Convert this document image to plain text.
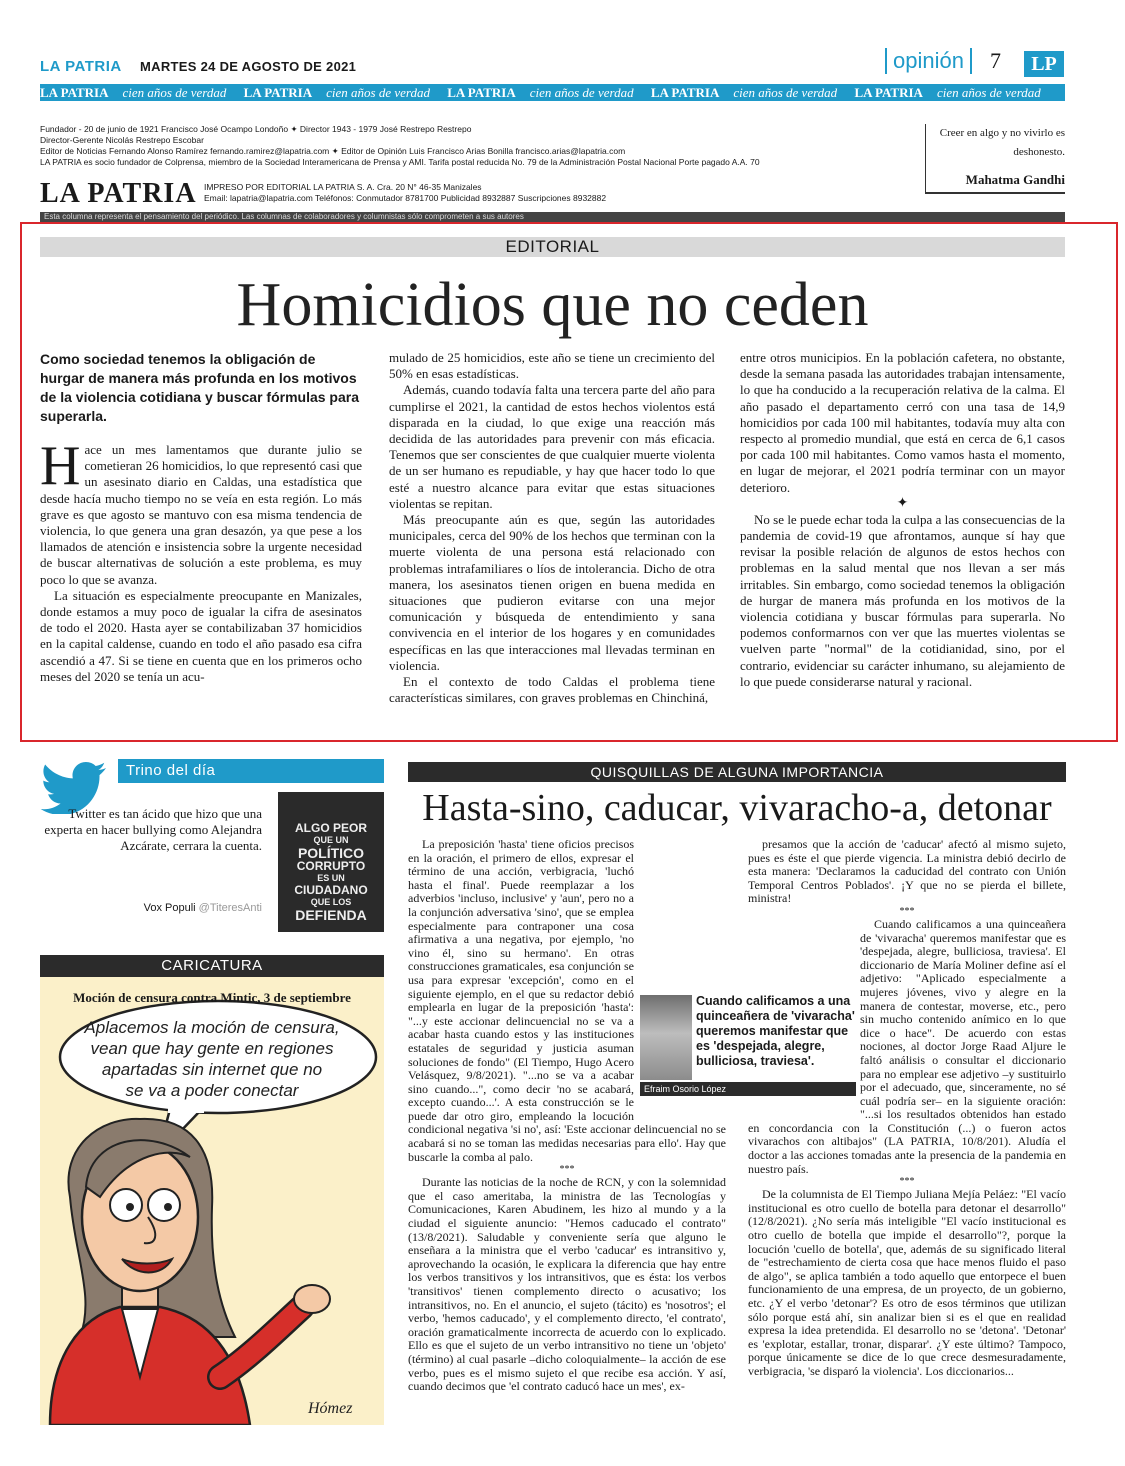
LA PATRIA MARTES 24 DE AGOSTO DE 2021	opinión	7	LP
LA PATRIA cien años de verdad LA PATRIA cien años de verdad LA PATRIA cien años de verdad LA PATRIA cien años de verdad LA PATRIA cien años de verdad
Fundador - 20 de junio de 1921 Francisco José Ocampo Londoño ✦ Director 1943 - 1979 José Restrepo Restrepo
Director-Gerente Nicolás Restrepo Escobar
Editor de Noticias Fernando Alonso Ramírez fernando.ramirez@lapatria.com ✦ Editor de Opinión Luis Francisco Arias Bonilla francisco.arias@lapatria.com
LA PATRIA es socio fundador de Colprensa, miembro de la Sociedad Interamericana de Prensa y AMI. Tarifa postal reducida No. 79 de la Administración Postal Nacional Porte pagado A.A. 70
LA PATRIA IMPRESO POR EDITORIAL LA PATRIA S. A. Cra. 20 N° 46-35 Manizales
Email: lapatria@lapatria.com Teléfonos: Conmutador 8781700 Publicidad 8932887 Suscripciones 8932882
Creer en algo y no vivirlo es deshonesto.
Mahatma Gandhi
Esta columna representa el pensamiento del periódico. Las columnas de colaboradores y columnistas sólo comprometen a sus autores
EDITORIAL
Homicidios que no ceden
Como sociedad tenemos la obligación de hurgar de manera más profunda en los motivos de la violencia cotidiana y buscar fórmulas para superarla.

Hace un mes lamentamos que durante julio se cometieran 26 homicidios, lo que representó casi que un asesinato diario en Caldas, una estadística que desde hacía mucho tiempo no se veía en esta región. Lo más grave es que agosto se mantuvo con esa misma tendencia de violencia, lo que genera una gran desazón, ya que pese a los llamados de atención e insistencia sobre la urgente necesidad de buscar alternativas de solución a este problema, es muy poco lo que se avanza.

La situación es especialmente preocupante en Manizales, donde estamos a muy poco de igualar la cifra de asesinatos de todo el 2020. Hasta ayer se contabilizaban 37 homicidios en la capital caldense, cuando en todo el año pasado esa cifra ascendió a 47. Si se tiene en cuenta que en los primeros ocho meses del 2020 se tenía un acu-

mulado de 25 homicidios, este año se tiene un crecimiento del 50% en esas estadísticas.

Además, cuando todavía falta una tercera parte del año para cumplirse el 2021, la cantidad de estos hechos violentos está disparada en la ciudad, lo que exige una reacción más decidida de las autoridades para prevenir con más eficacia. Tenemos que ser conscientes de que cualquier muerte violenta de un ser humano es repudiable, y hay que hacer todo lo que esté a nuestro alcance para evitar que estas situaciones violentas se repitan.

Más preocupante aún es que, según las autoridades municipales, cerca del 90% de los hechos que terminan con la muerte violenta de una persona está relacionado con problemas intrafamiliares o líos de intolerancia. Dicho de otra manera, los asesinatos tienen origen en buena medida en situaciones que pudieron evitarse con una mejor comunicación y búsqueda de entendimiento y sana convivencia en el interior de los hogares y en comunidades específicas en las que interacciones mal llevadas terminan en violencia.

En el contexto de todo Caldas el problema tiene características similares, con graves problemas en Chinchiná,

entre otros municipios. En la población cafetera, no obstante, desde la semana pasada las autoridades trabajan intensamente, lo que ha conducido a la recuperación relativa de la calma. El año pasado el departamento cerró con una tasa de 14,9 homicidios por cada 100 mil habitantes, todavía muy alta con respecto al promedio mundial, que está en cerca de 6,1 casos por cada 100 mil habitantes. Como vamos hasta el momento, en lugar de mejorar, el 2021 podría terminar con un mayor deterioro.

✦

No se le puede echar toda la culpa a las consecuencias de la pandemia de covid-19 que afrontamos, aunque sí hay que revisar la posible relación de algunos de estos hechos con problemas en la salud mental que nos llevan a ser más irritables. Sin embargo, como sociedad tenemos la obligación de hurgar de manera más profunda en los motivos de la violencia cotidiana y buscar fórmulas para superarla. No podemos conformarnos con ver que las muertes violentas se vuelven parte "normal" de la cotidianidad, sino, por el contrario, evidenciar su carácter inhumano, su alejamiento de lo que puede considerarse natural y racional.

Trino del día
Twitter es tan ácido que hizo que una experta en hacer bullying como Alejandra Azcárate, cerrara la cuenta.
Vox Populi @TiteresAnti
ALGO PEOR
QUE UN
POLÍTICO
CORRUPTO
ES UN
CIUDADANO
QUE LOS
DEFIENDA
CARICATURA
Hómez
Moción de censura contra Mintic, 3 de septiembre
Aplacemos la moción de censura,
vean que hay gente en regiones
apartadas sin internet que no
se va a poder conectar
QUISQUILLAS DE ALGUNA IMPORTANCIA
Hasta-sino, caducar, vivaracho-a, detonar

La preposición 'hasta' tiene oficios precisos en la oración, el primero de ellos, expresar el término de una acción, verbigracia, 'luchó hasta el final'. Puede reemplazar a los adverbios 'incluso, inclusive' y 'aun', pero no a la conjunción adversativa 'sino', que se emplea especialmente para contraponer una cosa afirmativa a una negativa, por ejemplo, 'no vino él, sino su hermano'. En otras construcciones gramaticales, esa conjunción se usa para expresar 'excepción', como en el siguiente ejemplo, en el que su redactor debió emplearla en lugar de la preposición 'hasta': "...y este accionar delincuencial no se va a acabar hasta cuando estos y las instituciones estatales de seguridad y justicia asuman soluciones de fondo" (El Tiempo, Hugo Acero Velásquez, 9/8/2021). "...no se va a acabar sino cuando...", como decir 'no se acabará, excepto cuando...'. A esta construcción se le puede dar otro giro, empleando la locución condicional negativa 'si no', así: 'Este accionar delincuencial no se acabará si no se toman las medidas necesarias para ello'. Hay que buscarle la comba al palo.

***

Durante las noticias de la noche de RCN, y con la solemnidad que el caso ameritaba, la ministra de las Tecnologías y Comunicaciones, Karen Abudinem, les hizo al mundo y a la ciudad el siguiente anuncio: "Hemos caducado el contrato" (13/8/2021). Saludable y conveniente sería que alguno le enseñara a la ministra que el verbo 'caducar' es intransitivo y, aprovechando la ocasión, le explicara la diferencia que hay entre los verbos transitivos y los intransitivos, que es ésta: los verbos 'transitivos' tienen complemento directo o acusativo; los intransitivos, no. En el anuncio, el sujeto (tácito) es 'nosotros'; el verbo, 'hemos caducado', y el complemento directo, 'el contrato', oración gramaticalmente incorrecta de acuerdo con lo explicado. Ello es que el sujeto de un verbo intransitivo no tiene un 'objeto' (término) al cual pasarle –dicho coloquialmente– la acción de ese verbo, pues es el mismo sujeto el que recibe esa acción. Y así, cuando decimos que 'el contrato caducó hace un mes', ex-

presamos que la acción de 'caducar' afectó al mismo sujeto, pues es éste el que pierde vigencia. La ministra debió decirlo de esta manera: 'Declaramos la caducidad del contrato con Unión Temporal Centros Poblados'. ¡Y que no se pierda el billete, ministra!

***

Cuando calificamos a una quinceañera de 'vivaracha' queremos manifestar que es 'despejada, alegre, bulliciosa, traviesa'. El diccionario de María Moliner define así el adjetivo: "Aplicado especialmente a mujeres jóvenes, vivo y alegre en la manera de contestar, moverse, etc., pero sin mucho contenido anímico en lo que dice o hace". De acuerdo con estas nociones, al doctor Jorge Raad Aljure le faltó análisis o consultar el diccionario para no emplear ese adjetivo –y sustituirlo por el adecuado, que, sinceramente, no sé cuál podría ser– en la siguiente oración: "...si los resultados obtenidos han estado en concordancia con la Constitución (...) o fueron actos vivarachos con altibajos" (LA PATRIA, 10/8/201). Aludía el doctor a las acciones tomadas ante la presencia de la pandemia en nuestro país.

***

De la columnista de El Tiempo Juliana Mejía Peláez: "El vacío institucional es otro cuello de botella para detonar el desarrollo" (12/8/2021). ¿No sería más inteligible "El vacío institucional es otro cuello de botella que impide el desarrollo"?, porque la locución 'cuello de botella', que, además de su significado literal de "estrechamiento de cierta cosa que hace menos fluido el paso de algo", se aplica también a todo aquello que entorpece el buen funcionamiento de una empresa, de un proyecto, de un gobierno, etc. ¿Y el verbo 'detonar'? Es otro de esos términos que utilizan sólo porque está ahí, sin analizar bien si es el que en realidad expresa la idea pretendida. El desarrollo no se 'detona'. 'Detonar' es 'explotar, estallar, tronar, disparar'. ¿Y este último? Tampoco, porque únicamente se dice de lo que crece desmesuradamente, verbigracia, 'se disparó la violencia'. Los diccionarios...

Cuando calificamos a una quinceañera de 'vivaracha' queremos manifestar que es 'despejada, alegre, bulliciosa, traviesa'.
Efraim Osorio López
